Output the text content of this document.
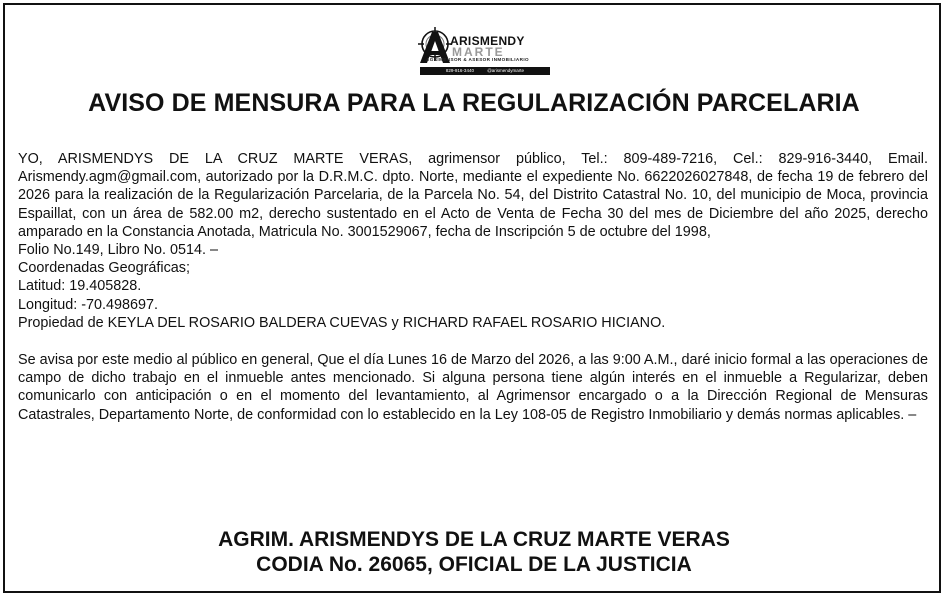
MARTE
ARISMENDY
AGRIMENSOR & ASESOR INMOBILIARIO
829-916-3440	@arismendymarte
AVISO DE MENSURA PARA LA REGULARIZACIÓN PARCELARIA
YO, ARISMENDYS DE LA CRUZ MARTE VERAS, agrimensor público, Tel.: 809-489-7216, Cel.: 829-916-3440, Email. Arismendy.agm@gmail.com, autorizado por la D.R.M.C. dpto. Norte, mediante el expediente No. 6622026027848, de fecha 19 de febrero del 2026 para la realización de la Regularización Parcelaria, de la Parcela No. 54, del Distrito Catastral No. 10, del municipio de Moca, provincia Espaillat, con un área de 582.00 m2, derecho sustentado en el Acto de Venta de Fecha 30 del mes de Diciembre del año 2025, derecho amparado en la Constancia Anotada, Matricula No. 3001529067, fecha de Inscripción 5 de octubre del 1998,
Folio No.149, Libro No. 0514. –
Coordenadas Geográficas;
Latitud: 19.405828.
Longitud: -70.498697.
Propiedad de KEYLA DEL ROSARIO BALDERA CUEVAS y RICHARD RAFAEL ROSARIO HICIANO.
Se avisa por este medio al público en general, Que el día Lunes 16 de Marzo del 2026, a las 9:00 A.M., daré inicio formal a las operaciones de campo de dicho trabajo en el inmueble antes mencionado. Si alguna persona tiene algún interés en el inmueble a Regularizar, deben comunicarlo con anticipación o en el momento del levantamiento, al Agrimensor encargado o a la Dirección Regional de Mensuras Catastrales, Departamento Norte, de conformidad con lo establecido en la Ley 108-05 de Registro Inmobiliario y demás normas aplicables. –
AGRIM. ARISMENDYS DE LA CRUZ MARTE VERAS
CODIA No. 26065, OFICIAL DE LA JUSTICIA
